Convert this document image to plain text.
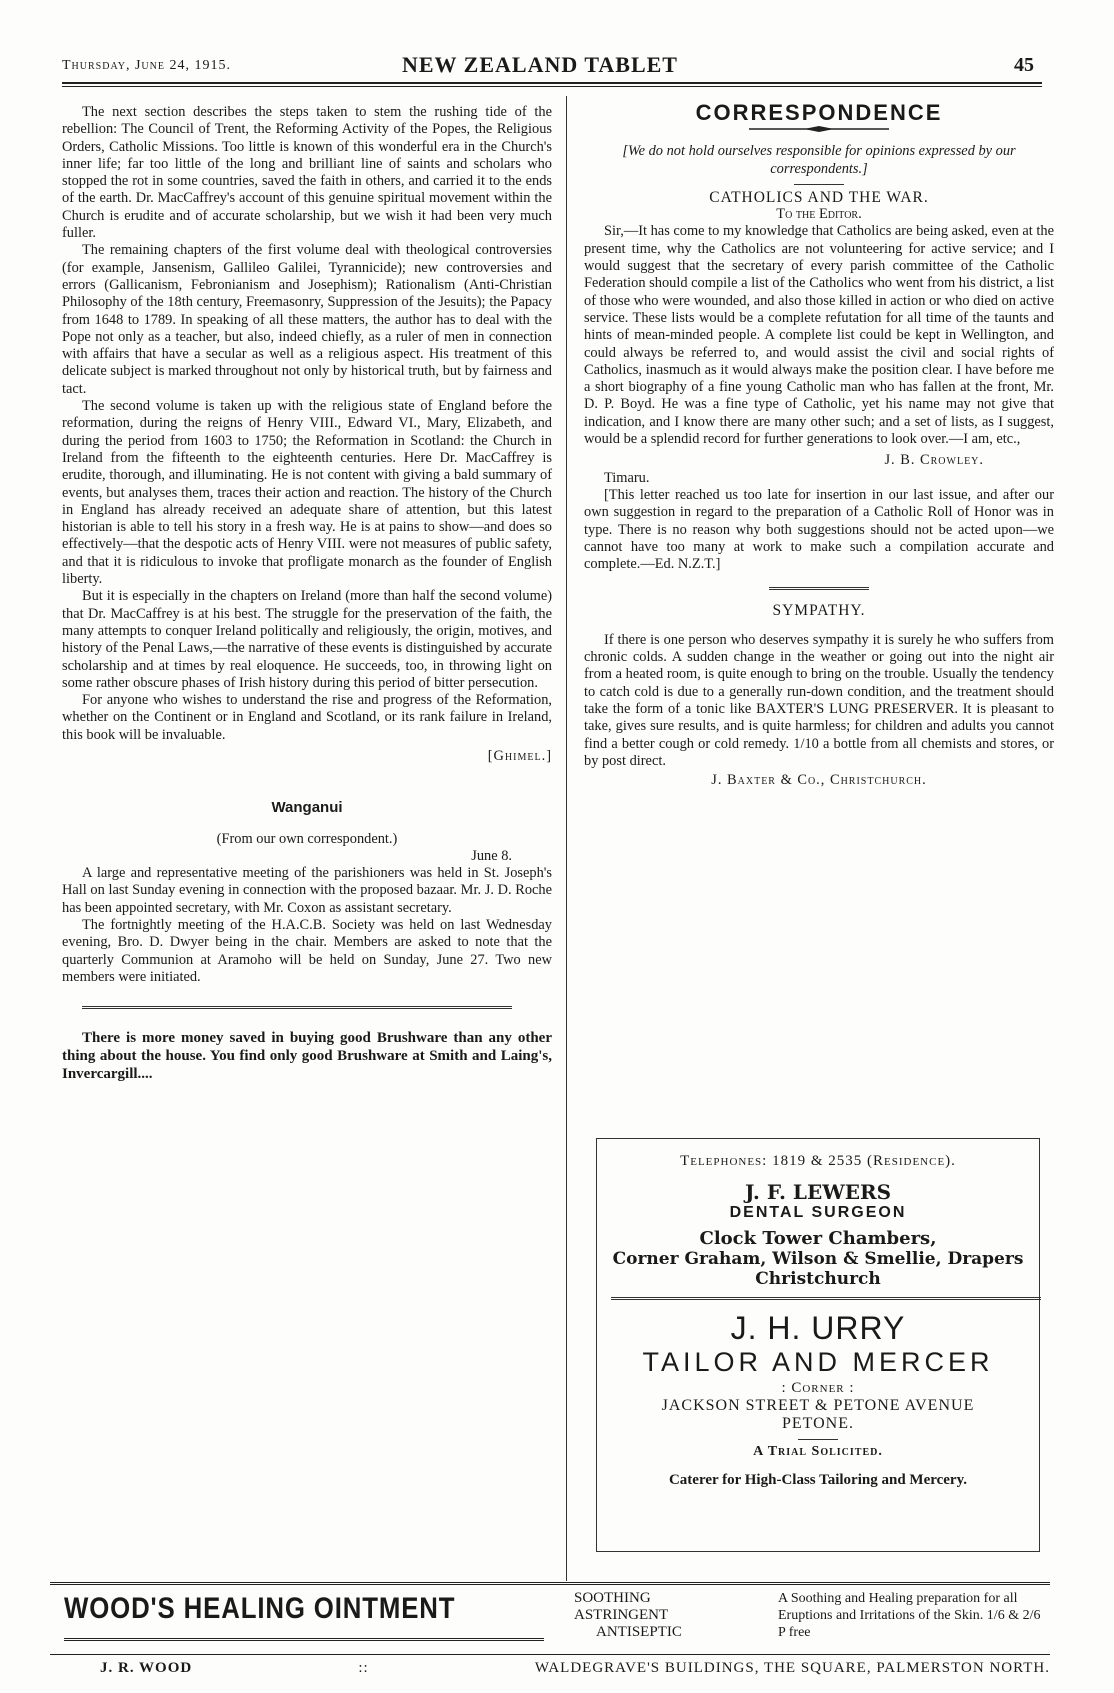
Thursday, June 24, 1915.	NEW ZEALAND TABLET	45

The next section describes the steps taken to stem the rushing tide of the rebellion: The Council of Trent, the Reforming Activity of the Popes, the Religious Orders, Catholic Missions. Too little is known of this wonderful era in the Church's inner life; far too little of the long and brilliant line of saints and scholars who stopped the rot in some countries, saved the faith in others, and carried it to the ends of the earth. Dr. MacCaffrey's account of this genuine spiritual movement within the Church is erudite and of accurate scholarship, but we wish it had been very much fuller.

The remaining chapters of the first volume deal with theological controversies (for example, Jansenism, Gallileo Galilei, Tyrannicide); new controversies and errors (Gallicanism, Febronianism and Josephism); Rationalism (Anti-Christian Philosophy of the 18th century, Freemasonry, Suppression of the Jesuits); the Papacy from 1648 to 1789. In speaking of all these matters, the author has to deal with the Pope not only as a teacher, but also, indeed chiefly, as a ruler of men in connection with affairs that have a secular as well as a religious aspect. His treatment of this delicate subject is marked throughout not only by historical truth, but by fairness and tact.

The second volume is taken up with the religious state of England before the reformation, during the reigns of Henry VIII., Edward VI., Mary, Elizabeth, and during the period from 1603 to 1750; the Reformation in Scotland: the Church in Ireland from the fifteenth to the eighteenth centuries. Here Dr. MacCaffrey is erudite, thorough, and illuminating. He is not content with giving a bald summary of events, but analyses them, traces their action and reaction. The history of the Church in England has already received an adequate share of attention, but this latest historian is able to tell his story in a fresh way. He is at pains to show—and does so effectively—that the despotic acts of Henry VIII. were not measures of public safety, and that it is ridiculous to invoke that profligate monarch as the founder of English liberty.

But it is especially in the chapters on Ireland (more than half the second volume) that Dr. MacCaffrey is at his best. The struggle for the preservation of the faith, the many attempts to conquer Ireland politically and religiously, the origin, motives, and history of the Penal Laws,—the narrative of these events is distinguished by accurate scholarship and at times by real eloquence. He succeeds, too, in throwing light on some rather obscure phases of Irish history during this period of bitter persecution.

For anyone who wishes to understand the rise and progress of the Reformation, whether on the Continent or in England and Scotland, or its rank failure in Ireland, this book will be invaluable.

[Ghimel.]
Wanganui
(From our own correspondent.)
June 8.

A large and representative meeting of the parishioners was held in St. Joseph's Hall on last Sunday evening in connection with the proposed bazaar. Mr. J. D. Roche has been appointed secretary, with Mr. Coxon as assistant secretary.

The fortnightly meeting of the H.A.C.B. Society was held on last Wednesday evening, Bro. D. Dwyer being in the chair. Members are asked to note that the quarterly Communion at Aramoho will be held on Sunday, June 27. Two new members were initiated.

There is more money saved in buying good Brushware than any other thing about the house. You find only good Brushware at Smith and Laing's, Invercargill....

CORRESPONDENCE

[We do not hold ourselves responsible for opinions expressed by our correspondents.]

CATHOLICS AND THE WAR.

To the Editor.

Sir,—It has come to my knowledge that Catholics are being asked, even at the present time, why the Catholics are not volunteering for active service; and I would suggest that the secretary of every parish committee of the Catholic Federation should compile a list of the Catholics who went from his district, a list of those who were wounded, and also those killed in action or who died on active service. These lists would be a complete refutation for all time of the taunts and hints of mean-minded people. A complete list could be kept in Wellington, and could always be referred to, and would assist the civil and social rights of Catholics, inasmuch as it would always make the position clear. I have before me a short biography of a fine young Catholic man who has fallen at the front, Mr. D. P. Boyd. He was a fine type of Catholic, yet his name may not give that indication, and I know there are many other such; and a set of lists, as I suggest, would be a splendid record for further generations to look over.—I am, etc.,

J. B. Crowley.

Timaru.

[This letter reached us too late for insertion in our last issue, and after our own suggestion in regard to the preparation of a Catholic Roll of Honor was in type. There is no reason why both suggestions should not be acted upon—we cannot have too many at work to make such a compilation accurate and complete.—Ed. N.Z.T.]

SYMPATHY.

If there is one person who deserves sympathy it is surely he who suffers from chronic colds. A sudden change in the weather or going out into the night air from a heated room, is quite enough to bring on the trouble. Usually the tendency to catch cold is due to a generally run-down condition, and the treatment should take the form of a tonic like BAXTER'S LUNG PRESERVER. It is pleasant to take, gives sure results, and is quite harmless; for children and adults you cannot find a better cough or cold remedy. 1/10 a bottle from all chemists and stores, or by post direct.

J. Baxter & Co., Christchurch.
Telephones: 1819 & 2535 (Residence).
J. F. LEWERS
DENTAL SURGEON
Clock Tower Chambers,
Corner Graham, Wilson & Smellie, Drapers
Christchurch
J. H. URRY
TAILOR AND MERCER
: Corner :
JACKSON STREET & PETONE AVENUE
PETONE.
A Trial Solicited.
Caterer for High-Class Tailoring and Mercery.
WOOD'S HEALING OINTMENT	SOOTHING
ASTRINGENT
ANTISEPTIC
A Soothing and Healing preparation for all Eruptions and Irritations of the Skin. 1/6 & 2/6 P free
J. R. WOOD	::	WALDEGRAVE'S BUILDINGS, THE SQUARE, PALMERSTON NORTH.
